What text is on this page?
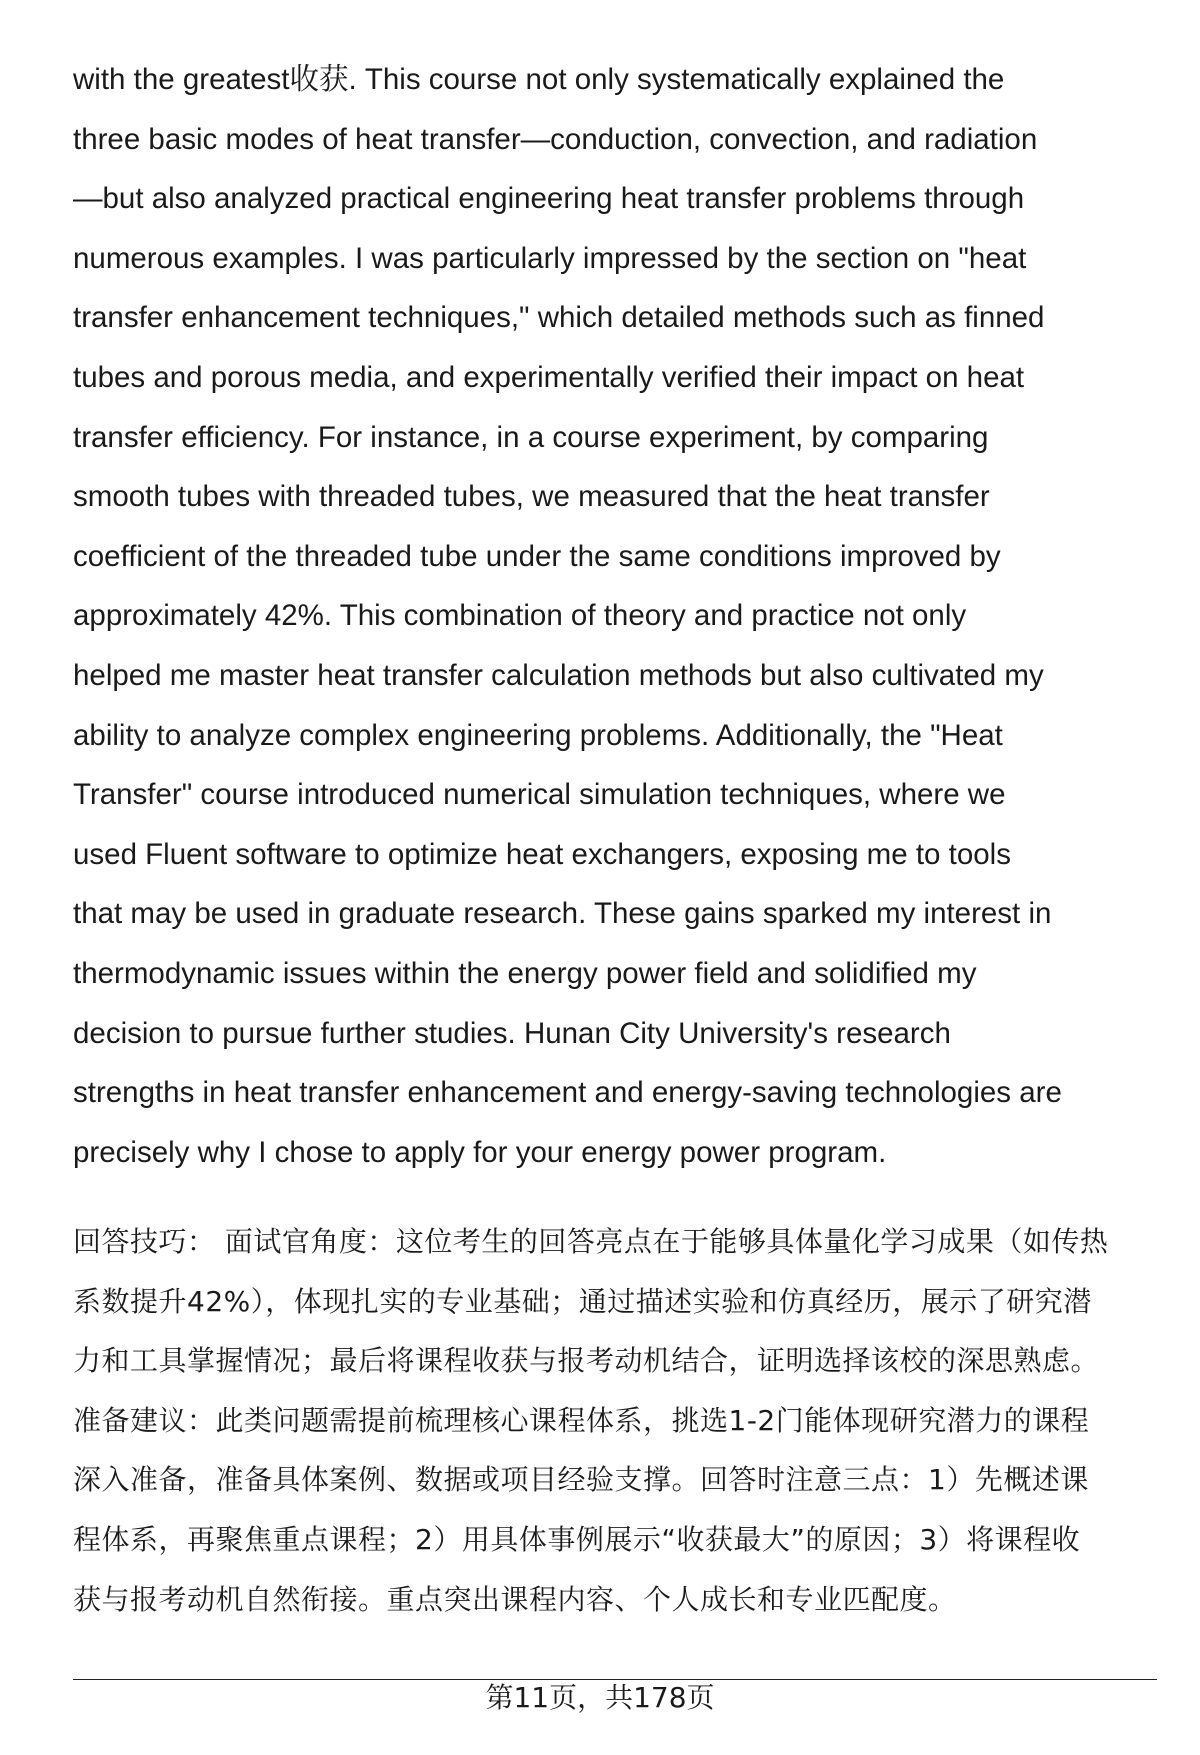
with the greatest收获. This course not only systematically explained the
three basic modes of heat transfer—conduction, convection, and radiation
—but also analyzed practical engineering heat transfer problems through
numerous examples. I was particularly impressed by the section on "heat
transfer enhancement techniques," which detailed methods such as finned
tubes and porous media, and experimentally verified their impact on heat
transfer efficiency. For instance, in a course experiment, by comparing
smooth tubes with threaded tubes, we measured that the heat transfer
coefficient of the threaded tube under the same conditions improved by
approximately 42%. This combination of theory and practice not only
helped me master heat transfer calculation methods but also cultivated my
ability to analyze complex engineering problems. Additionally, the "Heat
Transfer" course introduced numerical simulation techniques, where we
used Fluent software to optimize heat exchangers, exposing me to tools
that may be used in graduate research. These gains sparked my interest in
thermodynamic issues within the energy power field and solidified my
decision to pursue further studies. Hunan City University's research
strengths in heat transfer enhancement and energy-saving technologies are
precisely why I chose to apply for your energy power program.
回答技巧： 面试官角度：这位考生的回答亮点在于能够具体量化学习成果（如传热
系数提升42%），体现扎实的专业基础；通过描述实验和仿真经历，展示了研究潜
力和工具掌握情况；最后将课程收获与报考动机结合，证明选择该校的深思熟虑。
准备建议：此类问题需提前梳理核心课程体系，挑选1-2门能体现研究潜力的课程
深入准备，准备具体案例、数据或项目经验支撑。回答时注意三点：1）先概述课
程体系，再聚焦重点课程；2）用具体事例展示“收获最大”的原因；3）将课程收
获与报考动机自然衔接。重点突出课程内容、个人成长和专业匹配度。
第11页，共178页
